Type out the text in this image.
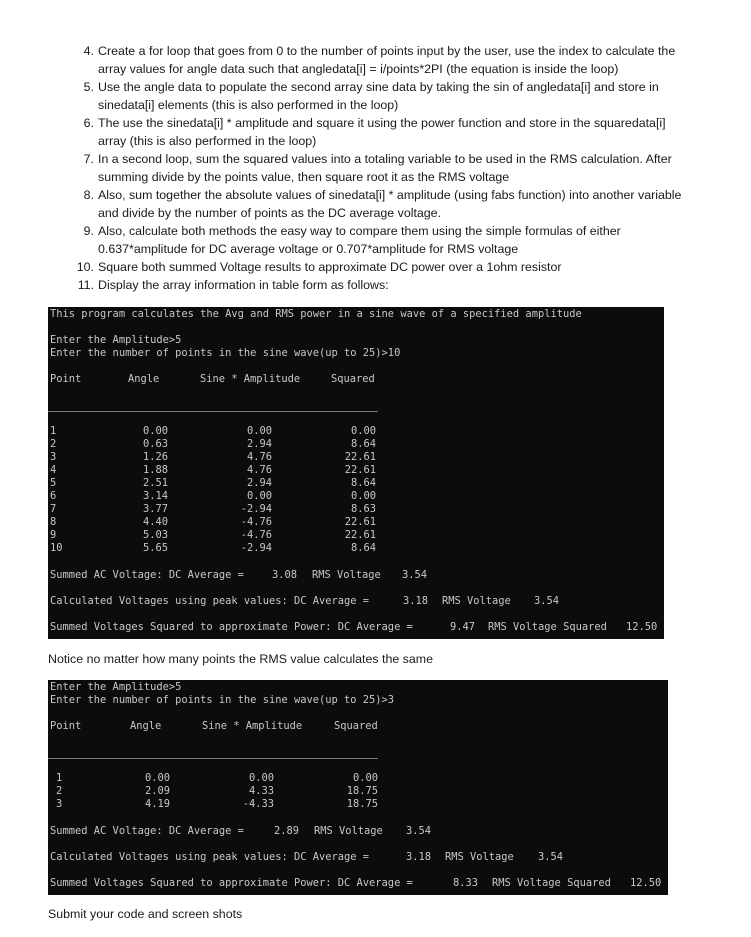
4. Create a for loop that goes from 0 to the number of points input by the user, use the index to calculate the array values for angle data such that angledata[i] = i/points*2PI (the equation is inside the loop)
5. Use the angle data to populate the second array sine data by taking the sin of angledata[i] and store in sinedata[i] elements (this is also performed in the loop)
6. The use the sinedata[i] * amplitude and square it using the power function and store in the squaredata[i] array (this is also performed in the loop)
7. In a second loop, sum the squared values into a totaling variable to be used in the RMS calculation. After summing divide by the points value, then square root it as the RMS voltage
8. Also, sum together the absolute values of sinedata[i] * amplitude (using fabs function) into another variable and divide by the number of points as the DC average voltage.
9. Also, calculate both methods the easy way to compare them using the simple formulas of either 0.637*amplitude for DC average voltage or 0.707*amplitude for RMS voltage
10. Square both summed Voltage results to approximate DC power over a 1ohm resistor
11. Display the array information in table form as follows:
This program calculates the Avg and RMS power in a sine wave of a specified amplitude
Enter the Amplitude>5
Enter the number of points in the sine wave(up to 25)>10
Point	Angle	Sine * Amplitude	Squared
1	0.00	0.00	0.00
2	0.63	2.94	8.64
3	1.26	4.76	22.61
4	1.88	4.76	22.61
5	2.51	2.94	8.64
6	3.14	0.00	0.00
7	3.77	-2.94	8.63
8	4.40	-4.76	22.61
9	5.03	-4.76	22.61
10	5.65	-2.94	8.64
Summed AC Voltage: DC Average =	3.08 RMS Voltage 3.54
Calculated Voltages using peak values: DC Average =	3.18 RMS Voltage 3.54
Summed Voltages Squared to approximate Power: DC Average =	9.47 RMS Voltage Squared 12.50
Notice no matter how many points the RMS value calculates the same
Enter the Amplitude>5
Enter the number of points in the sine wave(up to 25)>3
Point	Angle	Sine * Amplitude	Squared
1	0.00	0.00	0.00
2	2.09	4.33	18.75
3	4.19	-4.33	18.75
Summed AC Voltage: DC Average =	2.89 RMS Voltage 3.54
Calculated Voltages using peak values: DC Average =	3.18 RMS Voltage 3.54
Summed Voltages Squared to approximate Power: DC Average =	8.33 RMS Voltage Squared 12.50
Submit your code and screen shots
